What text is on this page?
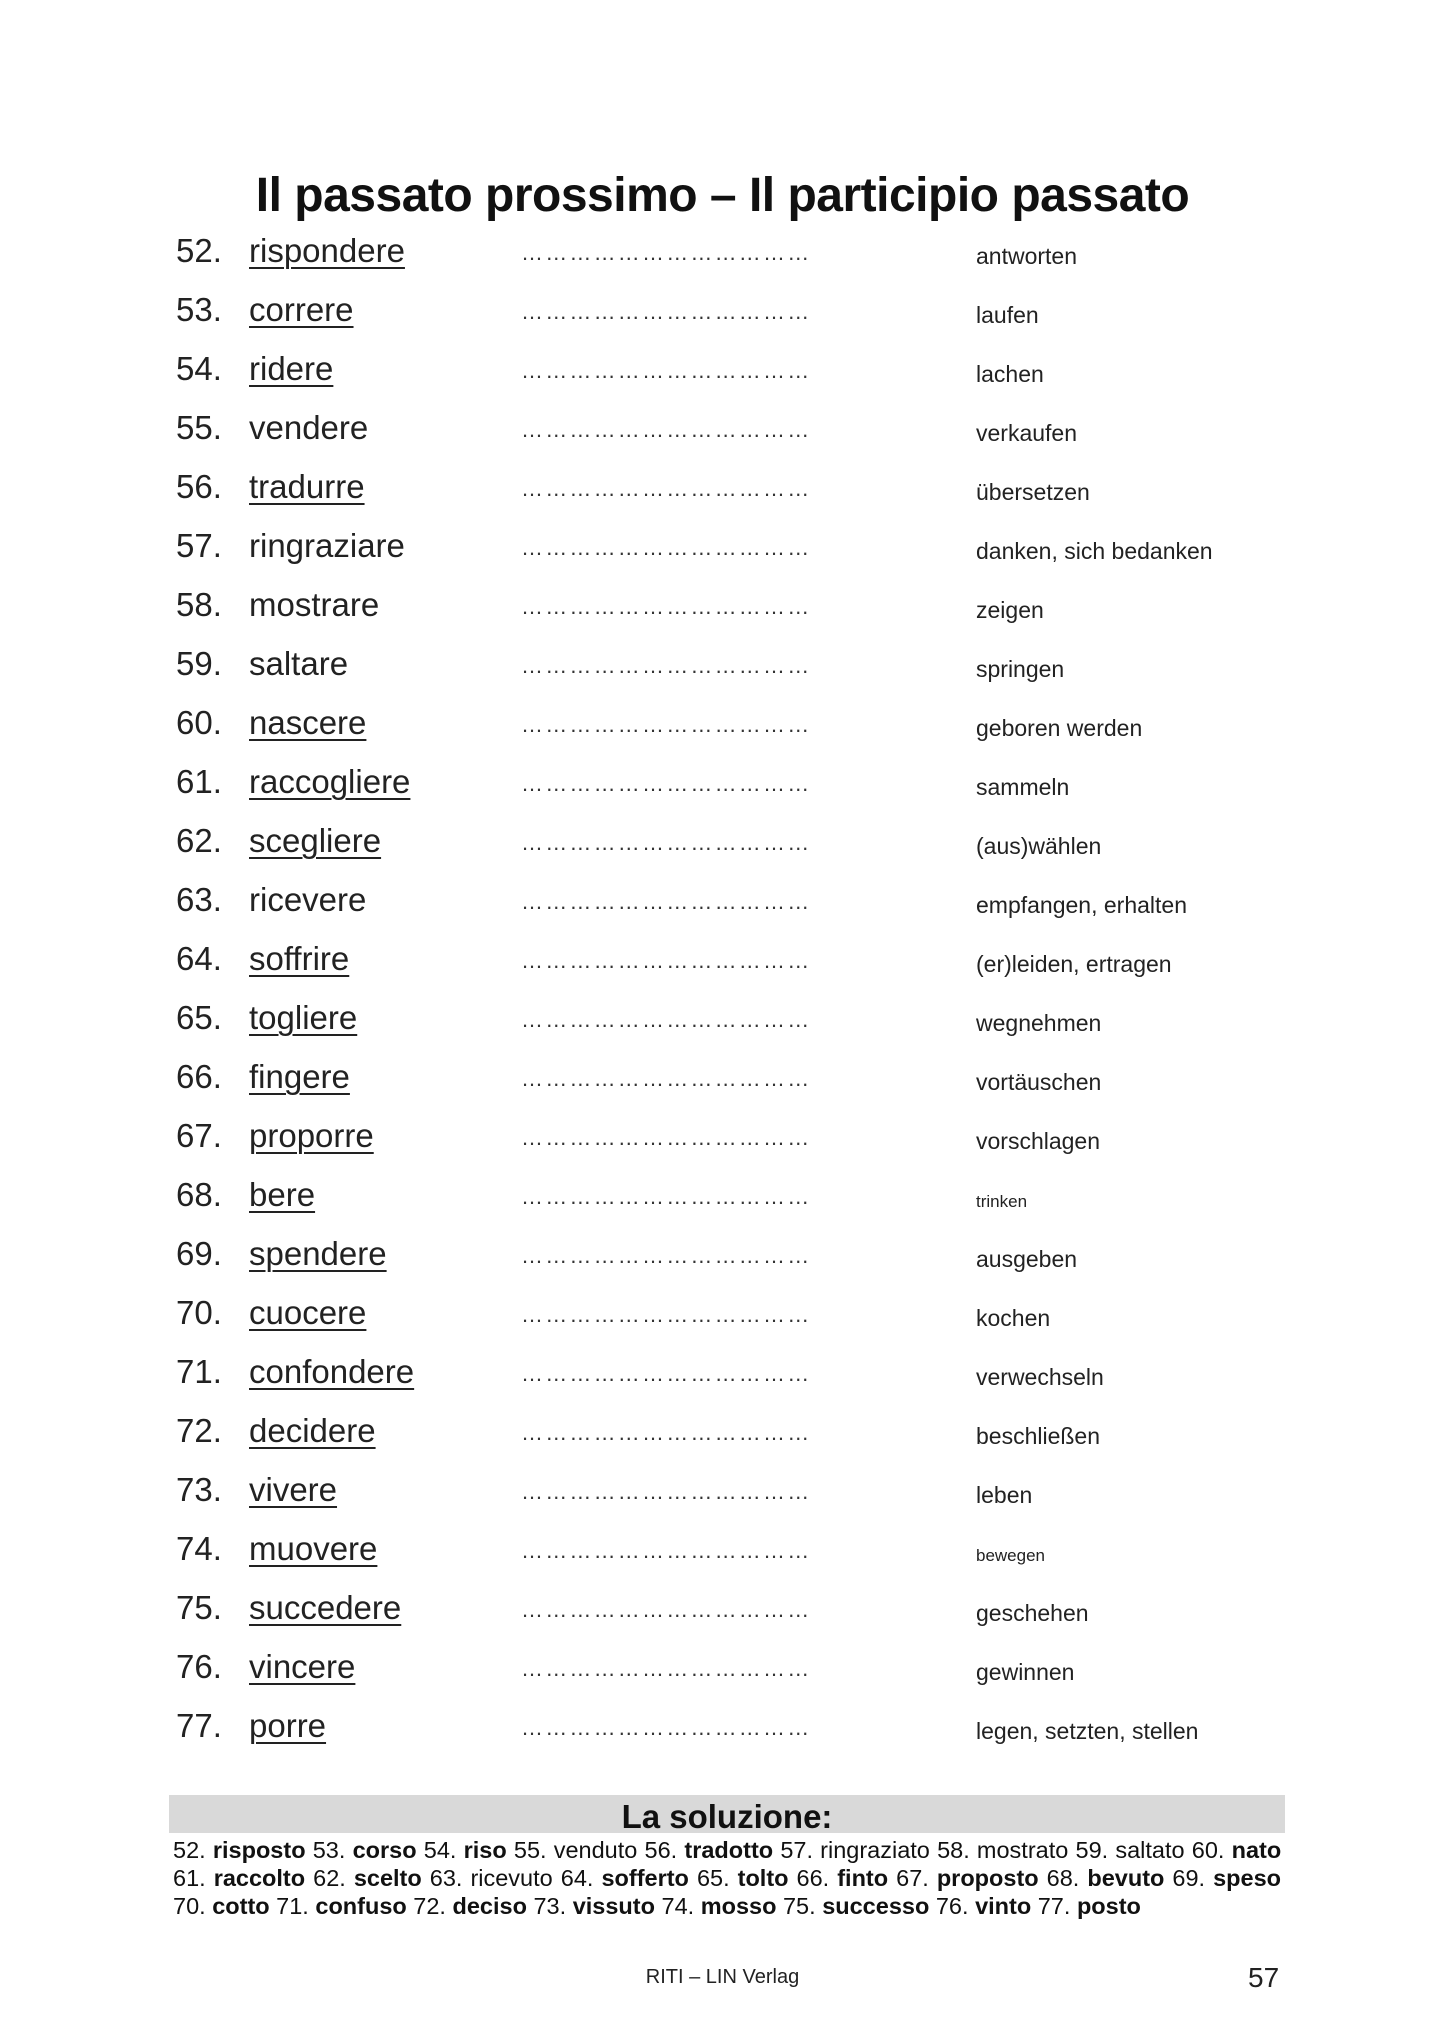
Il passato prossimo – Il participio passato
52. rispondere	………………………………	antworten
53. correre	………………………………	laufen
54. ridere	………………………………	lachen
55. vendere	………………………………	verkaufen
56. tradurre	………………………………	übersetzen
57. ringraziare	………………………………	danken, sich bedanken
58. mostrare	………………………………	zeigen
59. saltare	………………………………	springen
60. nascere	………………………………	geboren werden
61. raccogliere	………………………………	sammeln
62. scegliere	………………………………	(aus)wählen
63. ricevere	………………………………	empfangen, erhalten
64. soffrire	………………………………	(er)leiden, ertragen
65. togliere	………………………………	wegnehmen
66. fingere	………………………………	vortäuschen
67. proporre	………………………………	vorschlagen
68. bere	………………………………	trinken
69. spendere	………………………………	ausgeben
70. cuocere	………………………………	kochen
71. confondere	………………………………	verwechseln
72. decidere	………………………………	beschließen
73. vivere	………………………………	leben
74. muovere	………………………………	bewegen
75. succedere	………………………………	geschehen
76. vincere	………………………………	gewinnen
77. porre	………………………………	legen, setzten, stellen
La soluzione:
52. risposto 53. corso 54. riso 55. venduto 56. tradotto 57. ringraziato 58. mostrato 59. saltato 60. nato 61. raccolto 62. scelto 63. ricevuto 64. sofferto 65. tolto 66. finto 67. proposto 68. bevuto 69. speso 70. cotto 71. confuso 72. deciso 73. vissuto 74. mosso 75. successo 76. vinto 77. posto
RITI – LIN Verlag	57
